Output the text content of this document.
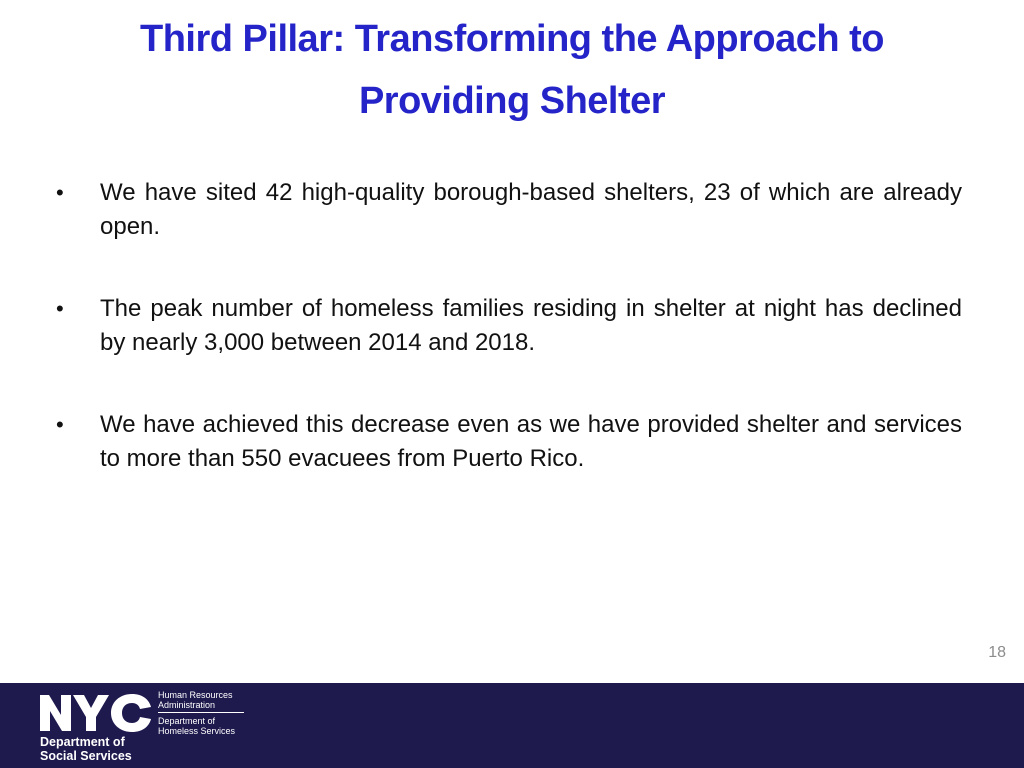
Third Pillar: Transforming the Approach to
Providing Shelter
•	We have sited 42 high-quality borough-based shelters, 23 of which are already open.
•	The peak number of homeless families residing in shelter at night has declined by nearly 3,000 between 2014 and 2018.
•	We have achieved this decrease even as we have provided shelter and services to more than 550 evacuees from Puerto Rico.
18
Department of
Social Services
Human Resources
Administration
Department of
Homeless Services
